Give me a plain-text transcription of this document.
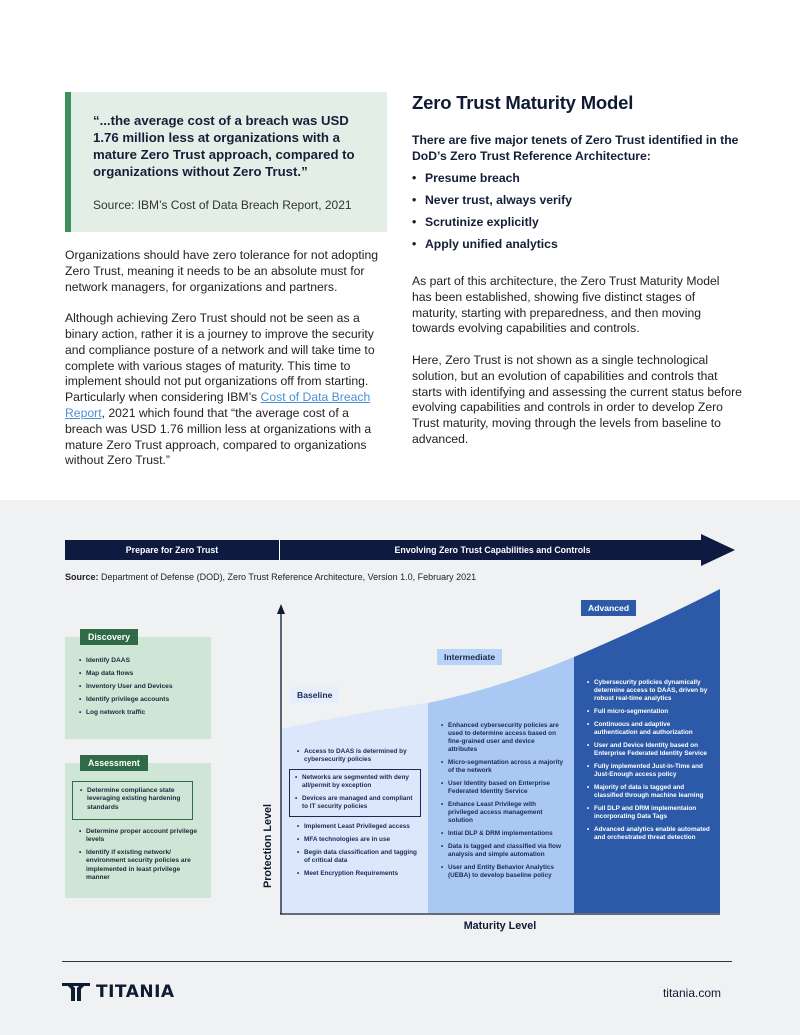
“...the average cost of a breach was USD 1.76 million less at organizations with a mature Zero Trust approach, compared to organizations without Zero Trust.”
Source: IBM’s Cost of Data Breach Report, 2021

Organizations should have zero tolerance for not adopting Zero Trust, meaning it needs to be an absolute must for network managers, for organizations and partners.

Although achieving Zero Trust should not be seen as a binary action, rather it is a journey to improve the security and compliance posture of a network and will take time to complete with various stages of maturity. This time to implement should not put organizations off from starting. Particularly when considering IBM’s Cost of Data Breach Report, 2021 which found that “the average cost of a breach was USD 1.76 million less at organizations with a mature Zero Trust approach, compared to organizations without Zero Trust.”

Zero Trust Maturity Model
There are five major tenets of Zero Trust identified in the DoD’s Zero Trust Reference Architecture:
• Presume breach
• Never trust, always verify
• Scrutinize explicitly
• Apply unified analytics

As part of this architecture, the Zero Trust Maturity Model has been established, showing five distinct stages of maturity, starting with preparedness, and then moving towards evolving capabilities and controls.

Here, Zero Trust is not shown as a single technological solution, but an evolution of capabilities and controls that starts with identifying and assessing the current status before evolving capabilities and controls in order to develop Zero Trust maturity, moving through the levels from baseline to advanced.

Prepare for Zero Trust	Envolving Zero Trust Capabilities and Controls
Source: Department of Defense (DOD), Zero Trust Reference Architecture, Version 1.0, February 2021
Discovery
• Identify DAAS
• Map data flows
• Inventory User and Devices
• Identify privilege accounts
• Log network traffic
Assessment
• Determine compliance state leveraging existing hardening standards
• Determine proper account privilege levels
• Identify if existing network/ environment security policies are implemented in least privilege manner	Protection Level
Maturity Level
Baseline
Intermediate
Advanced
• Access to DAAS is determined by cybersecurity policies
• Networks are segmented with deny all/permit by exception
• Devices are managed and compliant to IT security policies
• Implement Least Privileged access
• MFA technologies are in use
• Begin data classification and tagging of critical data
• Meet Encryption Requirements
• Enhanced cybersecurity policies are used to determine access based on fine-grained user and device attributes
• Micro-segmentation across a majority of the network
• User Identity based on Enterprise Federated Identity Service
• Enhance Least Privilege with privileged access management solution
• Intial DLP & DRM implementations
• Data is tagged and classified via flow analysis and simple automation
• User and Entity Behavior Analytics (UEBA) to develop baseline policy
• Cybersecurity policies dynamically determine access to DAAS, driven by robust real-time analytics
• Full micro-segmentation
• Continuous and adaptive authentication and authorization
• User and Device Identity based on Enterprise Federated Identity Service
• Fully implemented Just-in-Time and Just-Enough access policy
• Majority of data is tagged and classified through machine learning
• Full DLP and DRM implementaion incorporating Data Tags
• Advanced analytics enable automated and orchestrated threat detection
TITANIA	titania.com
